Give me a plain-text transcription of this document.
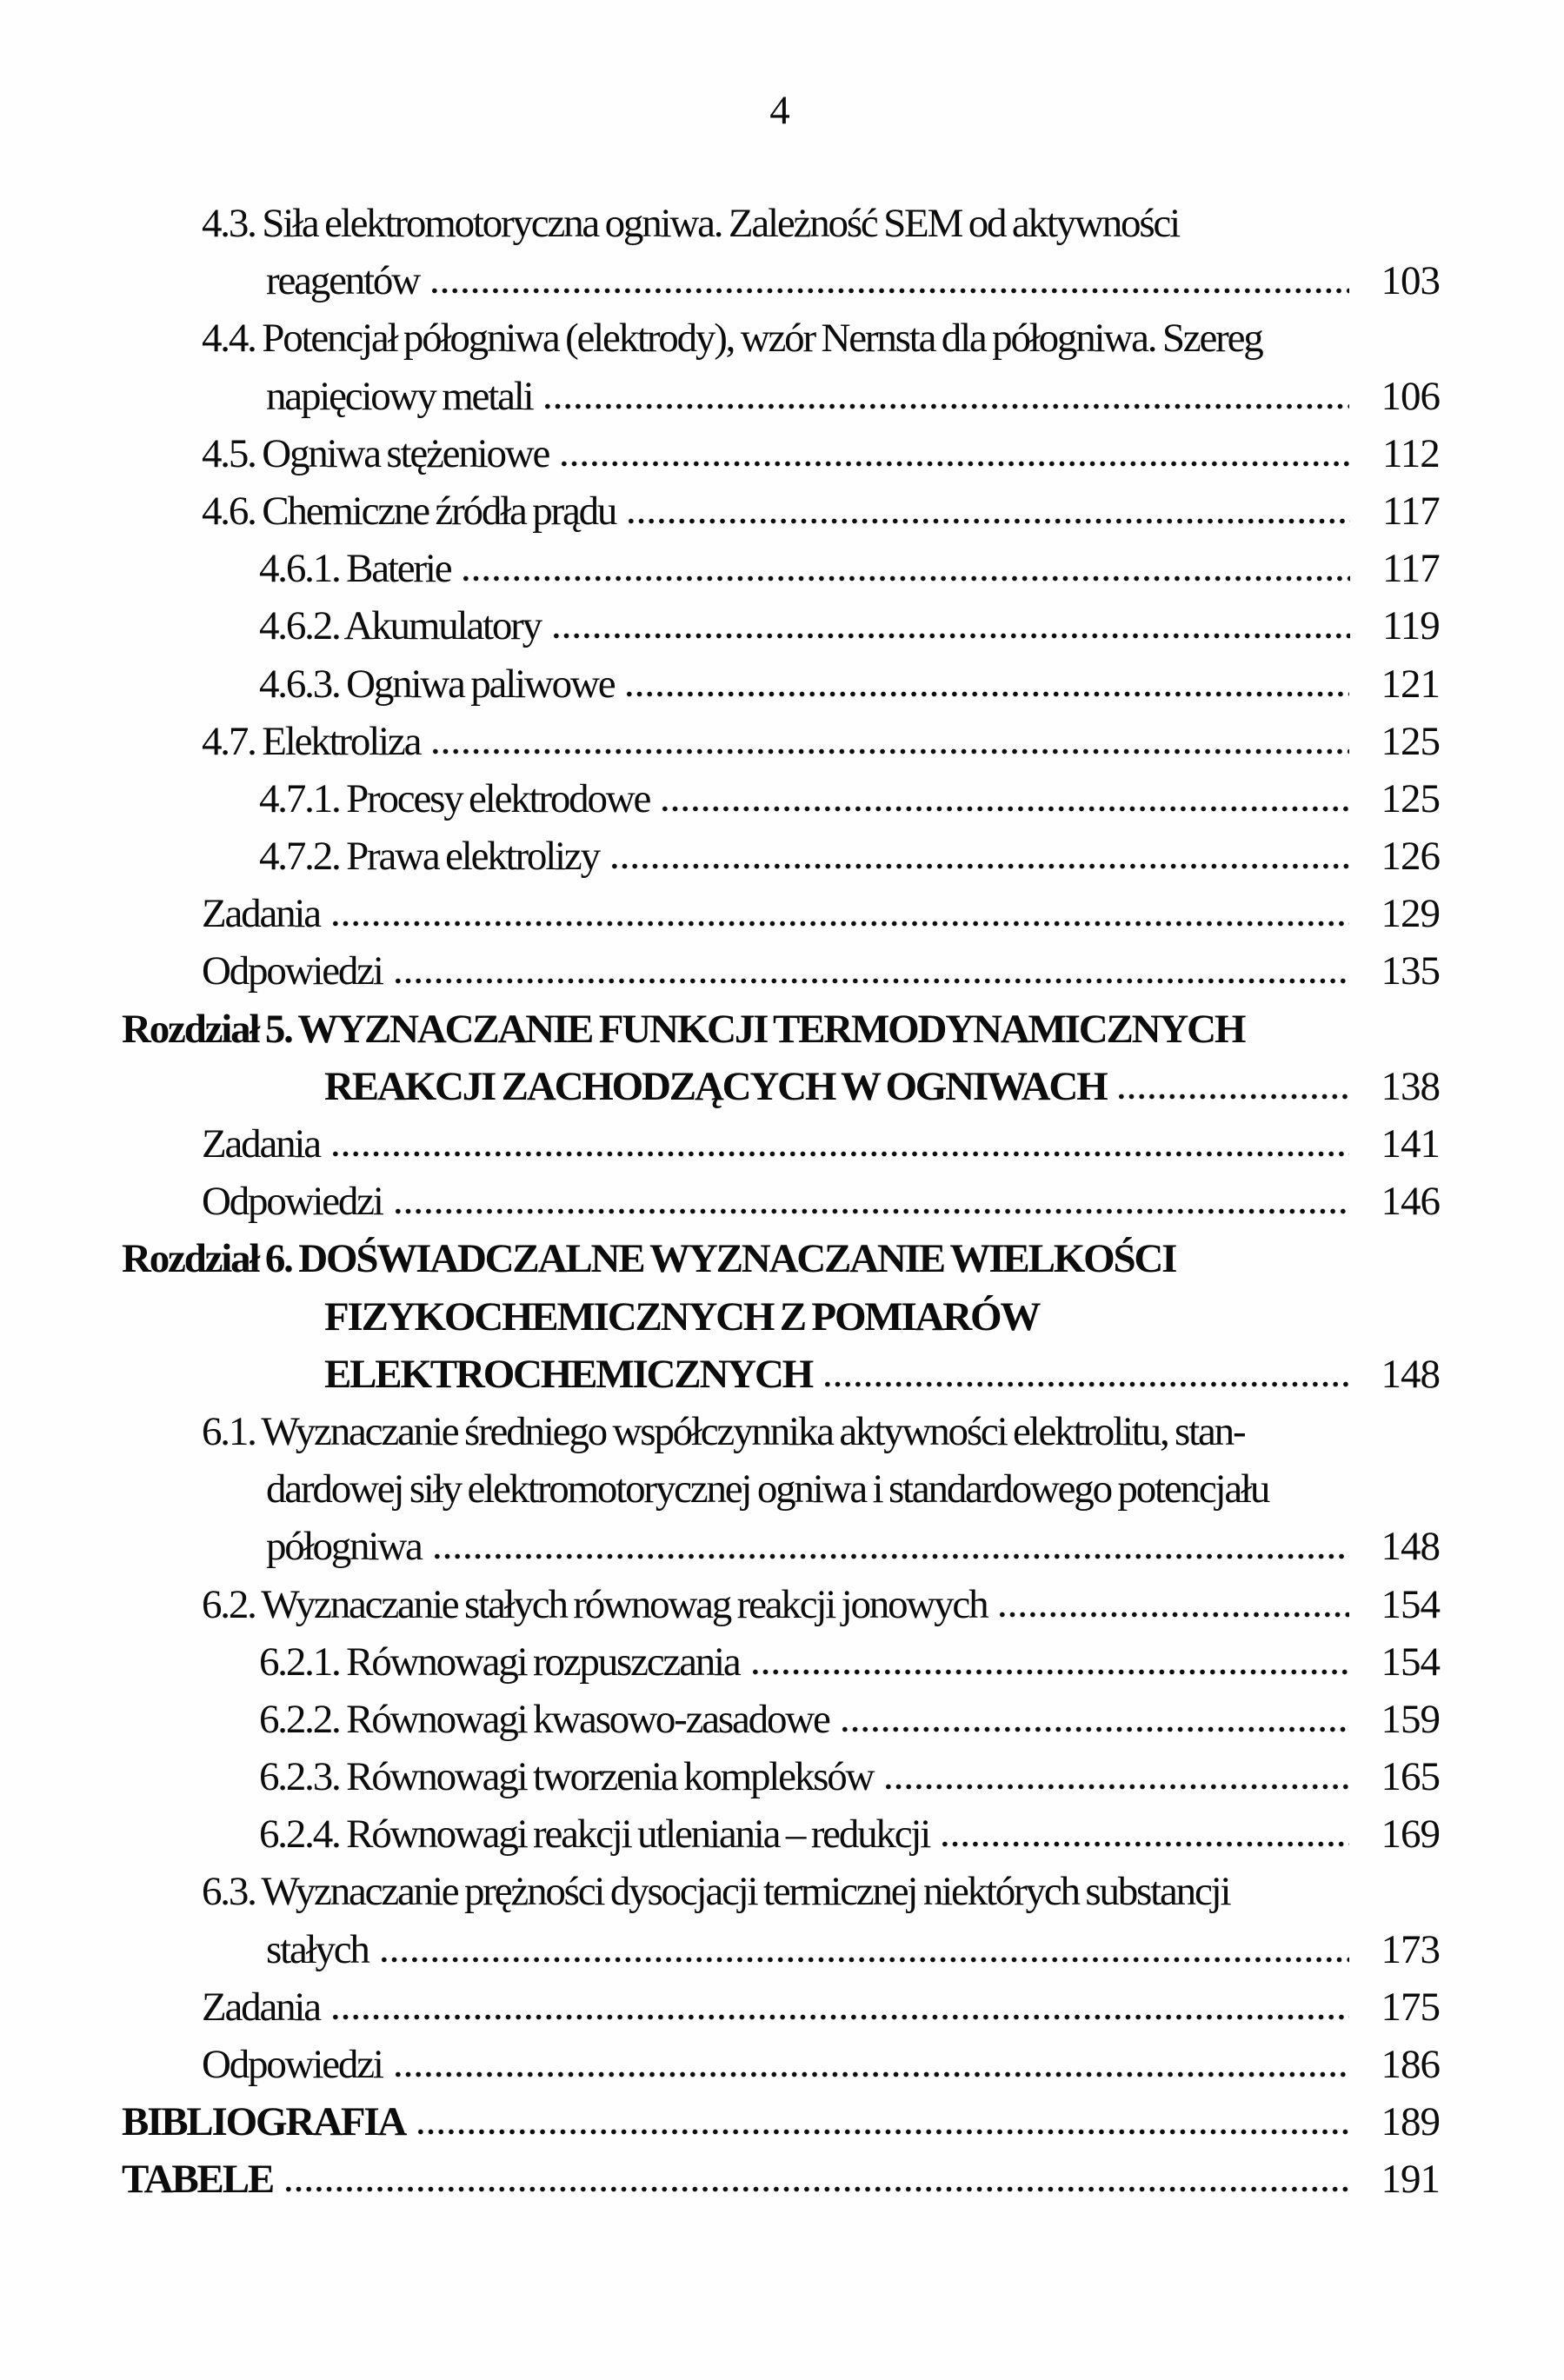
4
4.3. Siła elektromotoryczna ogniwa. Zależność SEM od aktywności
reagentów	103
4.4. Potencjał półogniwa (elektrody), wzór Nernsta dla półogniwa. Szereg
napięciowy metali	106
4.5. Ogniwa stężeniowe	112
4.6. Chemiczne źródła prądu	117
4.6.1. Baterie	117
4.6.2. Akumulatory	119
4.6.3. Ogniwa paliwowe	121
4.7. Elektroliza	125
4.7.1. Procesy elektrodowe	125
4.7.2. Prawa elektrolizy	126
Zadania	129
Odpowiedzi	135
Rozdział 5. WYZNACZANIE FUNKCJI TERMODYNAMICZNYCH
REAKCJI ZACHODZĄCYCH W OGNIWACH	138
Zadania	141
Odpowiedzi	146
Rozdział 6. DOŚWIADCZALNE WYZNACZANIE WIELKOŚCI
FIZYKOCHEMICZNYCH Z POMIARÓW
ELEKTROCHEMICZNYCH	148
6.1. Wyznaczanie średniego współczynnika aktywności elektrolitu, stan-
dardowej siły elektromotorycznej ogniwa i standardowego potencjału
półogniwa	148
6.2. Wyznaczanie stałych równowag reakcji jonowych	154
6.2.1. Równowagi rozpuszczania	154
6.2.2. Równowagi kwasowo-zasadowe	159
6.2.3. Równowagi tworzenia kompleksów	165
6.2.4. Równowagi reakcji utleniania – redukcji	169
6.3. Wyznaczanie prężności dysocjacji termicznej niektórych substancji
stałych	173
Zadania	175
Odpowiedzi	186
BIBLIOGRAFIA	189
TABELE	191
